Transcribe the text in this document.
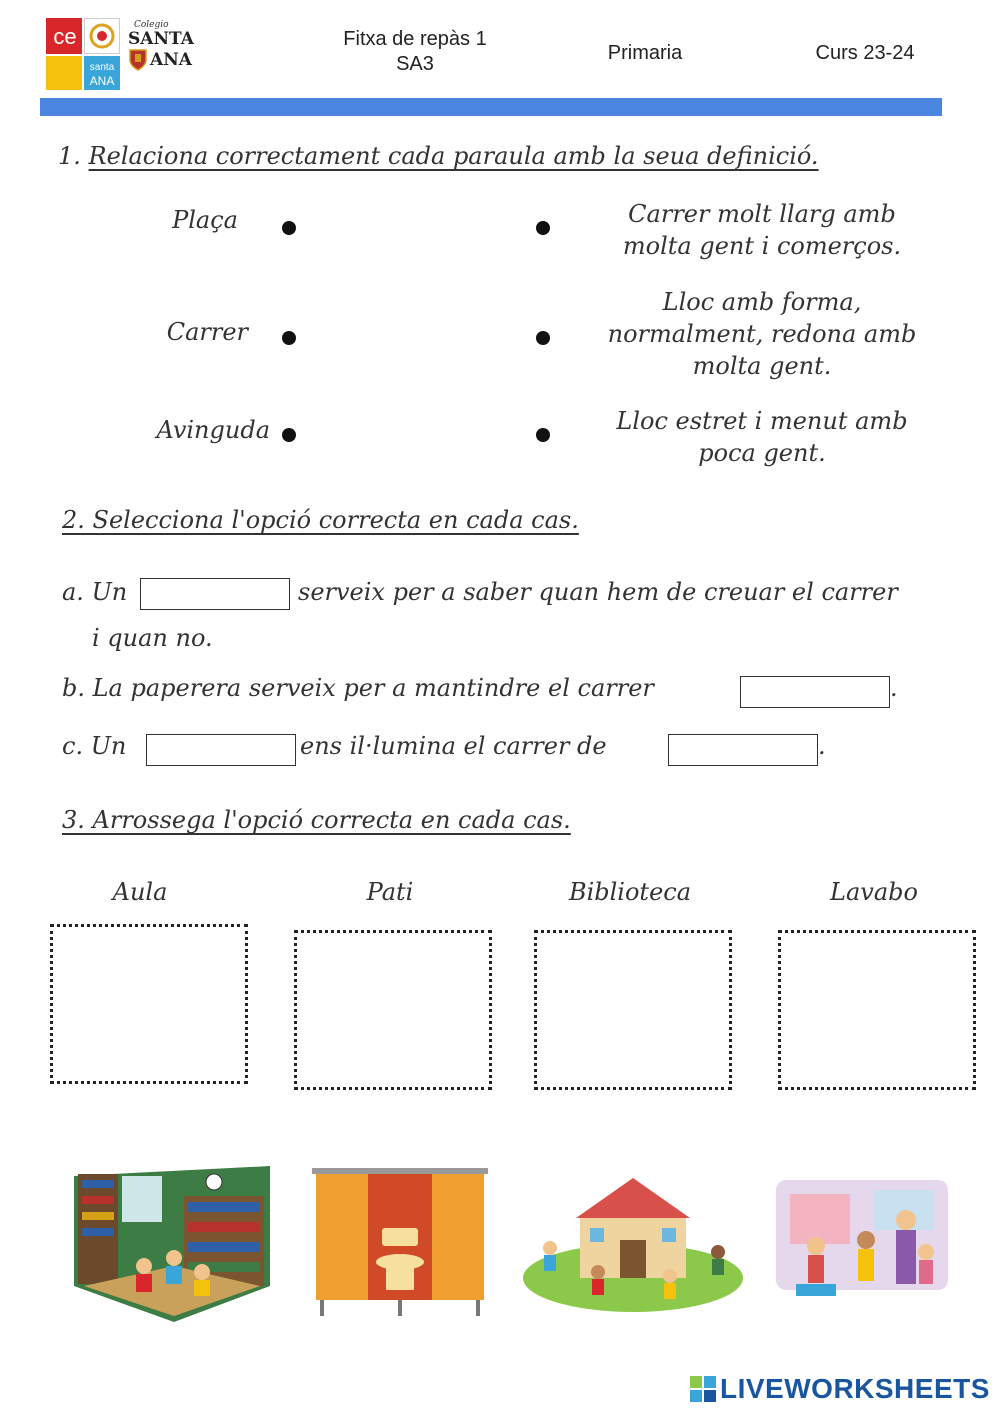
ce
santa
ANA
Colegio
SANTA
ANA
Fitxa de repàs 1
SA3	Primaria	Curs 23-24
1. Relaciona correctament cada paraula amb la seua definició.
Plaça
Carrer
Avinguda
Carrer molt llarg amb
molta gent i comerços.
Lloc amb forma,
normalment, redona amb
molta gent.
Lloc estret i menut amb
poca gent.
2. Selecciona l'opció correcta en cada cas.
a. Un	serveix per a saber quan hem de creuar el carrer
i quan no.
b. La paperera serveix per a mantindre el carrer	.
c. Un	ens il·lumina el carrer de	.
3. Arrossega l'opció correcta en cada cas.
Aula	Pati	Biblioteca	Lavabo
LIVEWORKSHEETS
